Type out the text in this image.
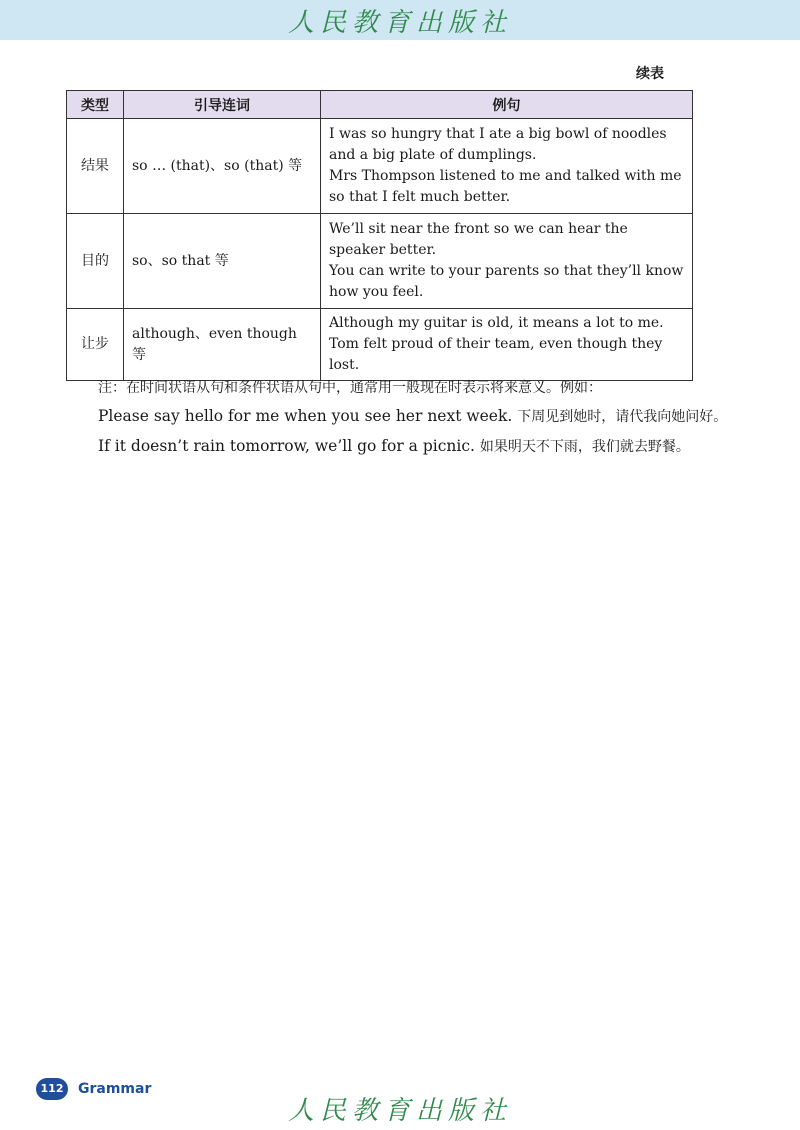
人民教育出版社
续表
类型	引导连词	例句
结果	so … (that)、so (that) 等	I was so hungry that I ate a big bowl of noodles and a big plate of dumplings.
Mrs Thompson listened to me and talked with me so that I felt much better.

目的	so、so that 等	We’ll sit near the front so we can hear the speaker better.
You can write to your parents so that they’ll know how you feel.

让步	although、even though 等	Although my guitar is old, it means a lot to me.
Tom felt proud of their team, even though they lost.
注：在时间状语从句和条件状语从句中，通常用一般现在时表示将来意义。例如：
Please say hello for me when you see her next week. 下周见到她时，请代我向她问好。
If it doesn’t rain tomorrow, we’ll go for a picnic. 如果明天不下雨，我们就去野餐。
112	Grammar
人民教育出版社
